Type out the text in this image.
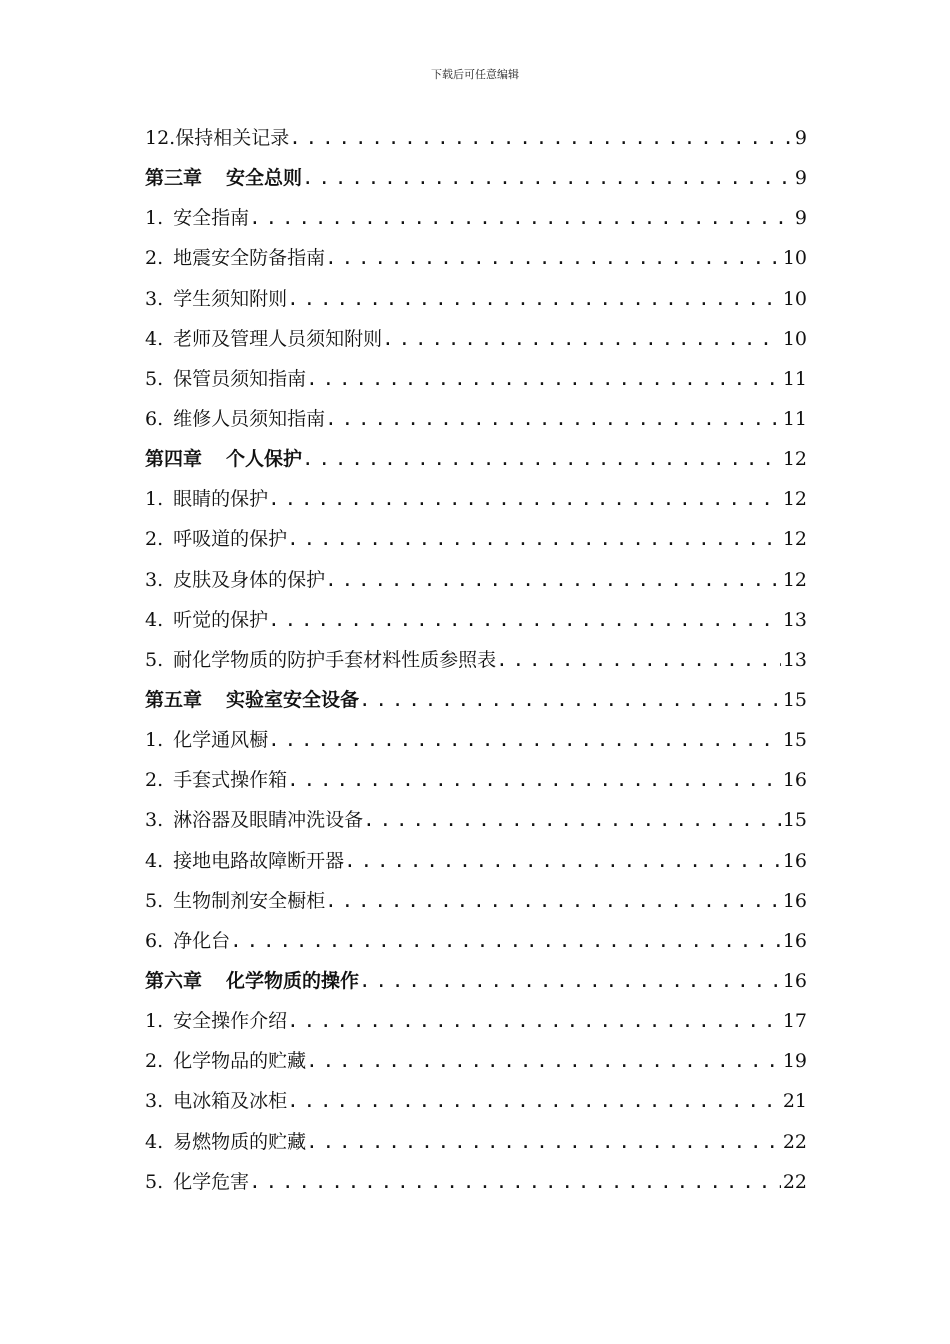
下载后可任意编辑
12.保持相关记录 .....	9
第三章 安全总则 .....	9
1. 安全指南 .....	9
2. 地震安全防备指南 .....	10
3. 学生须知附则 .....	10
4. 老师及管理人员须知附则 .....	10
5. 保管员须知指南 .....	11
6. 维修人员须知指南 .....	11
第四章 个人保护 .....	12
1. 眼睛的保护 .....	12
2. 呼吸道的保护 .....	12
3. 皮肤及身体的保护 .....	12
4. 听觉的保护 .....	13
5. 耐化学物质的防护手套材料性质参照表 .....	13
第五章 实验室安全设备 .....	15
1. 化学通风橱 .....	15
2. 手套式操作箱 .....	16
3. 淋浴器及眼睛冲洗设备 .....	15
4. 接地电路故障断开器 .....	16
5. 生物制剂安全橱柜 .....	16
6. 净化台 .....	16
第六章 化学物质的操作 .....	16
1. 安全操作介绍 .....	17
2. 化学物品的贮藏 .....	19
3. 电冰箱及冰柜 .....	21
4. 易燃物质的贮藏 .....	22
5. 化学危害 .....	22
